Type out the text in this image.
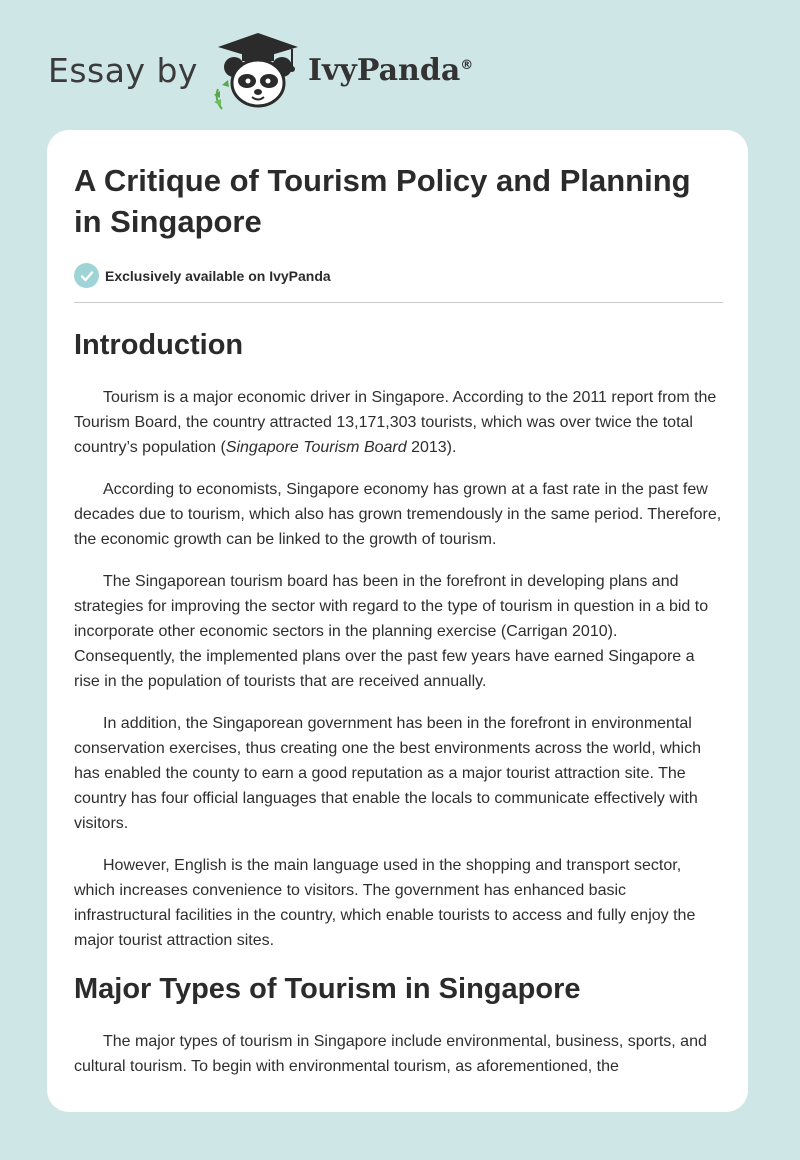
Essay by	IvyPanda®
A Critique of Tourism Policy and Planning in Singapore
Exclusively available on IvyPanda
Introduction

Tourism is a major economic driver in Singapore. According to the 2011 report from the Tourism Board, the country attracted 13,171,303 tourists, which was over twice the total country’s population (Singapore Tourism Board 2013).

According to economists, Singapore economy has grown at a fast rate in the past few decades due to tourism, which also has grown tremendously in the same period. Therefore, the economic growth can be linked to the growth of tourism.

The Singaporean tourism board has been in the forefront in developing plans and strategies for improving the sector with regard to the type of tourism in question in a bid to incorporate other economic sectors in the planning exercise (Carrigan 2010). Consequently, the implemented plans over the past few years have earned Singapore a rise in the population of tourists that are received annually.

In addition, the Singaporean government has been in the forefront in environmental conservation exercises, thus creating one the best environments across the world, which has enabled the county to earn a good reputation as a major tourist attraction site. The country has four official languages that enable the locals to communicate effectively with visitors.

However, English is the main language used in the shopping and transport sector, which increases convenience to visitors. The government has enhanced basic infrastructural facilities in the country, which enable tourists to access and fully enjoy the major tourist attraction sites.

Major Types of Tourism in Singapore

The major types of tourism in Singapore include environmental, business, sports, and cultural tourism. To begin with environmental tourism, as aforementioned, the
